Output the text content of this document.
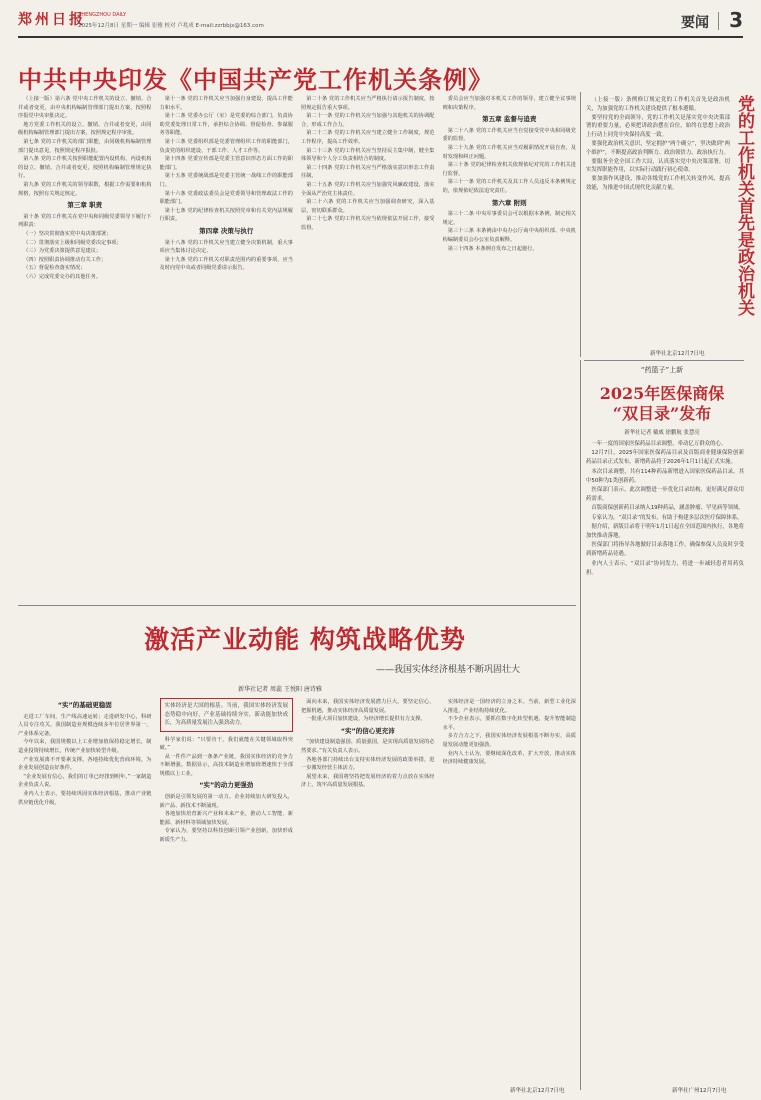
郑州日报
ZHENGZHOU DAILY
2025年12月8日 星期一 编辑 崔雅 校对 卢兆成 E-mail:zzrbbjx@163.com	要闻 3
中共中央印发《中国共产党工作机关条例》

（上接一版）第六条 党中央工作机关的设立、撤销、合并或者变更，由中央机构编制管理部门提出方案，按照程序报党中央审批决定。

地方党委工作机关的设立、撤销、合并或者变更，由同级机构编制管理部门提出方案，按照规定程序审批。

第七条 党的工作机关的部门职能，由同级机构编制管理部门提出意见，按照规定程序报批。

第八条 党的工作机关按照职能配置内设机构，内设机构的设立、撤销、合并或者变更，按照机构编制管理规定执行。

第九条 党的工作机关的领导职数，根据工作需要和机构规格，按照有关规定核定。

第三章 职责

第十条 党的工作机关在党中央和同级党委领导下履行下列职责：

（一）坚决贯彻落实党中央决策部署；

（二）贯彻落实上级和同级党委决定事项；

（三）为党委决策提供意见建议；

（四）按照职责协调推动有关工作；

（五）督促检查落实情况；

（六）完成党委交办的其他任务。

第十一条 党的工作机关应当加强自身建设，提高工作能力和水平。

第十二条 党委办公厅（室）是党委的综合部门，负责协助党委处理日常工作，承担综合协调、督促检查、参谋服务等职能。

第十三条 党委组织部是党委管理组织工作的职能部门，负责党的组织建设、干部工作、人才工作等。

第十四条 党委宣传部是党委主管意识形态方面工作的职能部门。

第十五条 党委统战部是党委主管统一战线工作的职能部门。

第十六条 党委政法委员会是党委领导和管理政法工作的职能部门。

第十七条 党的纪律检查机关按照党章和有关党内法规履行职责。

第四章 决策与执行

第十八条 党的工作机关应当建立健全决策机制，重大事项应当集体讨论决定。

第十九条 党的工作机关对职责范围内的重要事项，应当及时向党中央或者同级党委请示报告。

第二十条 党的工作机关应当严格执行请示报告制度，按照规定报告重大事项。

第二十一条 党的工作机关应当加强与其他机关的协调配合，形成工作合力。

第二十二条 党的工作机关应当建立健全工作制度，规范工作程序，提高工作效率。

第二十三条 党的工作机关应当坚持民主集中制，健全集体领导和个人分工负责相结合的制度。

第二十四条 党的工作机关应当严格落实意识形态工作责任制。

第二十五条 党的工作机关应当加强党风廉政建设，落实全面从严治党主体责任。

第二十六条 党的工作机关应当加强调查研究，深入基层，密切联系群众。

第二十七条 党的工作机关应当依规依法开展工作，接受监督。

委员会应当加强对本机关工作的领导，建立健全议事规则和决策程序。

第五章 监督与追责

第二十八条 党的工作机关应当自觉接受党中央和同级党委的监督。

第二十九条 党的工作机关应当对履职情况开展自查，及时发现和纠正问题。

第三十条 党的纪律检查机关依规依纪对党的工作机关进行监督。

第三十一条 党的工作机关及其工作人员违反本条例规定的，依规依纪依法追究责任。

第六章 附则

第三十二条 中央军事委员会可以根据本条例，制定相关规定。

第三十三条 本条例由中央办公厅商中央组织部、中央机构编制委员会办公室负责解释。

第三十四条 本条例自发布之日起施行。	党的工作机关首先是政治机关

（上接一版）条例修订规定党的工作机关首先是政治机关，为加强党的工作机关建设提供了根本遵循。

要坚持党的全面领导，党的工作机关是落实党中央决策部署的重要力量，必须把讲政治摆在首位，始终在思想上政治上行动上同党中央保持高度一致。

要强化政治机关意识，坚定拥护“两个确立”，坚决做到“两个维护”，不断提高政治判断力、政治领悟力、政治执行力。

要服务全党全国工作大局，认真落实党中央决策部署，切实发挥职能作用，以实际行动践行初心使命。

要加强作风建设，推动各级党的工作机关转变作风、提高效能，为推进中国式现代化贡献力量。

新华社北京12月7日电
“药篮子”上新
2025年医保商保
“双目录”发布
新华社记者 戴威 徐鹏航 张慧亮

一年一度的国家医保药品目录调整，牵动亿万群众的心。

12月7日，2025年国家医保药品目录及首版商业健康保险创新药品目录正式发布，新增药品将于2026年1月1日起正式实施。

本次目录调整，共有114种药品新增进入国家医保药品目录，其中50种为1类创新药。

医保部门表示，此次调整进一步优化目录结构，更好满足群众用药需求。

首版商保创新药目录纳入19种药品，涵盖肿瘤、罕见病等领域。

专家认为，“双目录”的发布，有助于构建多层次医疗保障体系。

据介绍，新版目录将于明年1月1日起在全国范围内执行，各地将加快推动落地。

医保部门将指导各地做好目录落地工作，确保参保人员及时享受到新增药品待遇。

业内人士表示，“双目录”协同发力，将进一步减轻患者用药负担。

新华社广州12月7日电
激活产业动能 构筑战略优势
——我国实体经济根基不断巩固壮大
新华社记者 周蕊 王悦阳 唐诗雅
“实”的基础更稳固

走进工厂车间，生产线高速运转；走进研发中心，科研人员专注攻关。我国制造业规模连续多年位居世界第一，产业体系完备。

今年以来，我国规模以上工业增加值保持稳定增长，制造业投资持续增长，传统产业加快转型升级。

产业发展离不开要素支撑。各地持续优化营商环境，为企业发展创造良好条件。

“企业发展有信心，我们的订单已经排到明年。”一家制造企业负责人说。

业内人士表示，要持续巩固实体经济根基，推动产业链供应链优化升级。

实体经济是大国的根基。当前，我国实体经济发展态势稳中向好，产业基础持续夯实，新动能加快成长，为高质量发展注入强劲动力。

科学家们说：“只要肯干，我们就能在关键领域取得突破。”

从一件件产品到一条条产业链，我国实体经济的竞争力不断增强。数据显示，高技术制造业增加值增速快于全部规模以上工业。

“实”的动力更强劲

创新是引领发展的第一动力。企业持续加大研发投入，新产品、新技术不断涌现。

各地加快培育新兴产业和未来产业，推动人工智能、新能源、新材料等领域加快发展。

专家认为，要坚持以科技创新引领产业创新，加快形成新质生产力。

面向未来，我国实体经济发展潜力巨大。要坚定信心，把握机遇，推动实体经济高质量发展。

一批重大项目加快建设，为经济增长提供有力支撑。

“实”的信心更充沛

“加快建设制造强国、质量强国，是实现高质量发展的必然要求。”有关负责人表示。

各地各部门持续出台支持实体经济发展的政策举措，进一步激发经营主体活力。

展望未来，我国将坚持把发展经济的着力点放在实体经济上，筑牢高质量发展根基。

实体经济是一国经济的立身之本。当前，新型工业化深入推进，产业结构持续优化。

不少企业表示，要抓住数字化转型机遇，提升智能制造水平。

多方合力之下，我国实体经济发展根基不断夯实，高质量发展动能更加强劲。

业内人士认为，要继续深化改革，扩大开放，推动实体经济持续健康发展。

新华社北京12月7日电
